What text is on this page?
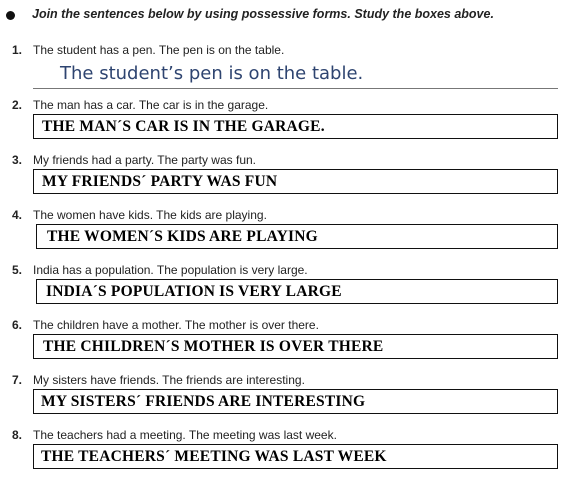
Join the sentences below by using possessive forms. Study the boxes above.
1. The student has a pen. The pen is on the table.
The student’s pen is on the table.
2. The man has a car. The car is in the garage.
THE MAN´S CAR IS IN THE GARAGE.
3. My friends had a party. The party was fun.
MY FRIENDS´ PARTY WAS FUN
4. The women have kids. The kids are playing.
THE WOMEN´S KIDS ARE PLAYING
5. India has a population. The population is very large.
INDIA´S POPULATION IS VERY LARGE
6. The children have a mother. The mother is over there.
THE CHILDREN´S MOTHER IS OVER THERE
7. My sisters have friends. The friends are interesting.
MY SISTERS´ FRIENDS ARE INTERESTING
8. The teachers had a meeting. The meeting was last week.
THE TEACHERS´ MEETING WAS LAST WEEK
